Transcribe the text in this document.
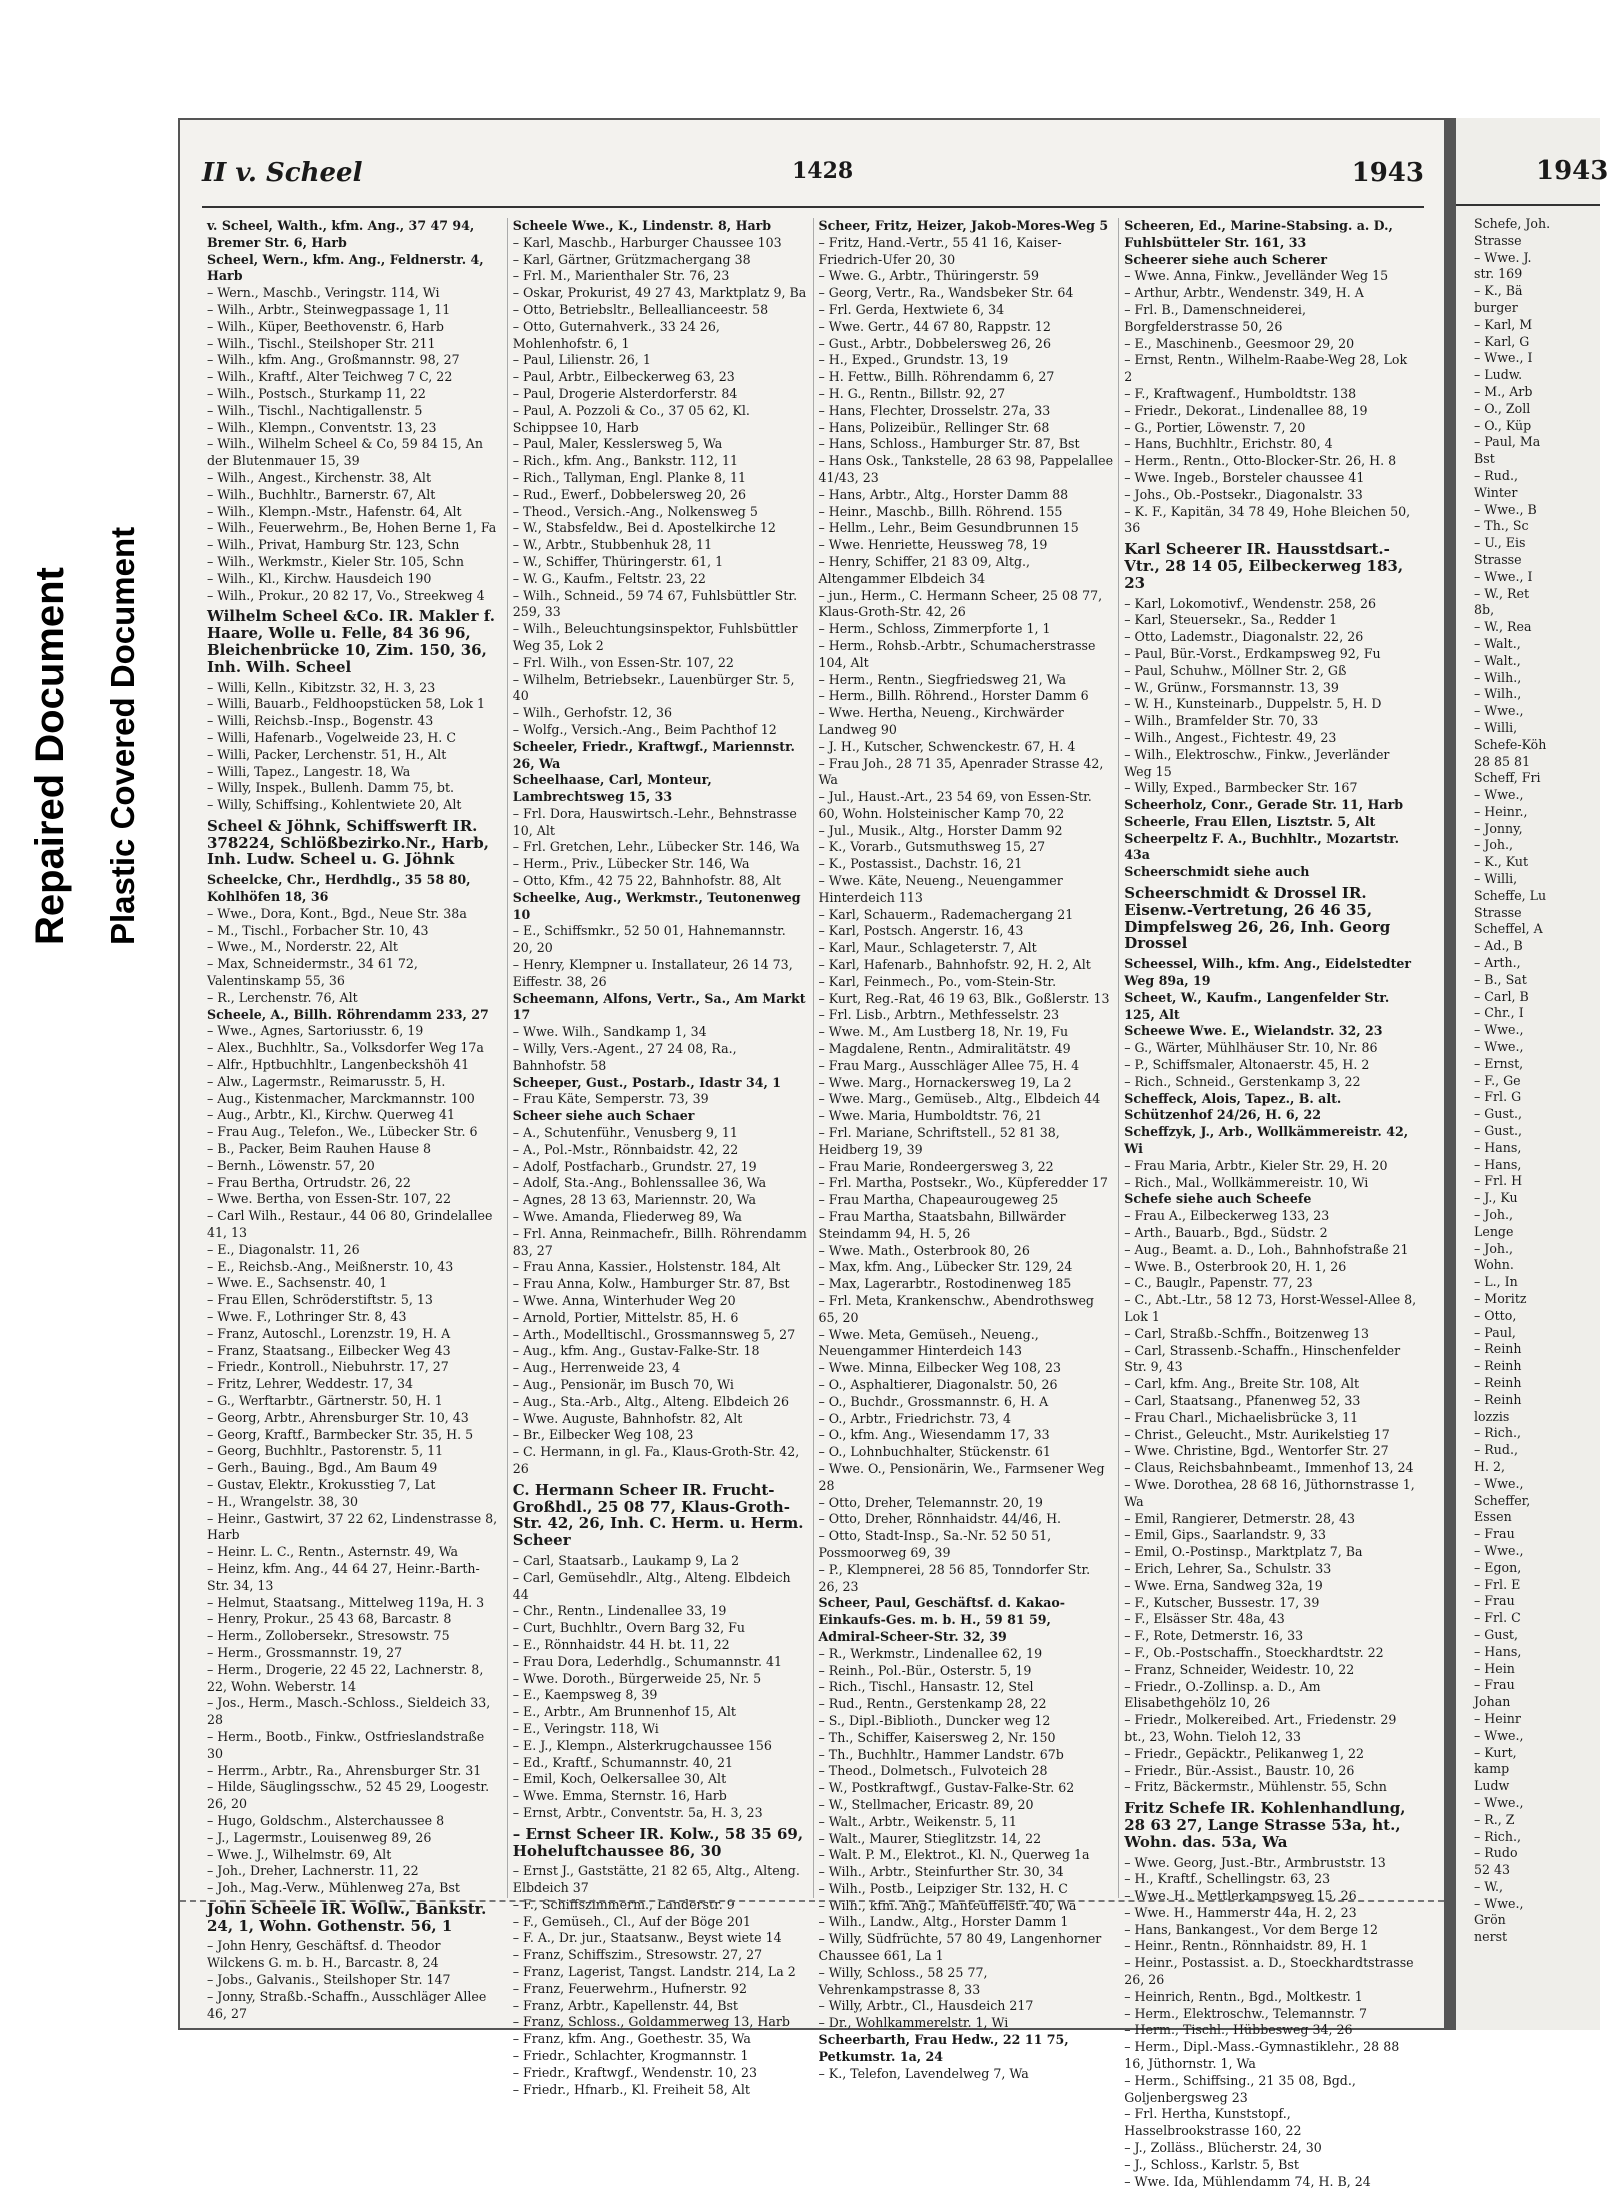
Repaired Document Plastic Covered Document
II v. Scheel	1428	1943

v. Scheel, Walth., kfm. Ang., 37 47 94, Bremer Str. 6, Harb

Scheel, Wern., kfm. Ang., Feldnerstr. 4, Harb

– Wern., Maschb., Veringstr. 114, Wi

– Wilh., Arbtr., Steinwegpassage 1, 11

– Wilh., Küper, Beethovenstr. 6, Harb

– Wilh., Tischl., Steilshoper Str. 211

– Wilh., kfm. Ang., Großmannstr. 98, 27

– Wilh., Kraftf., Alter Teichweg 7 C, 22

– Wilh., Postsch., Sturkamp 11, 22

– Wilh., Tischl., Nachtigallenstr. 5

– Wilh., Klempn., Conventstr. 13, 23

– Wilh., Wilhelm Scheel & Co, 59 84 15, An der Blutenmauer 15, 39

– Wilh., Angest., Kirchenstr. 38, Alt

– Wilh., Buchhltr., Barnerstr. 67, Alt

– Wilh., Klempn.-Mstr., Hafenstr. 64, Alt

– Wilh., Feuerwehrm., Be, Hohen Berne 1, Fa

– Wilh., Privat, Hamburg Str. 123, Schn

– Wilh., Werkmstr., Kieler Str. 105, Schn

– Wilh., Kl., Kirchw. Hausdeich 190

– Wilh., Prokur., 20 82 17, Vo., Streekweg 4

Wilhelm Scheel &Co. IR. Makler f. Haare, Wolle u. Felle, 84 36 96, Bleichenbrücke 10, Zim. 150, 36, Inh. Wilh. Scheel

– Willi, Kelln., Kibitzstr. 32, H. 3, 23

– Willi, Bauarb., Feldhoopstücken 58, Lok 1

– Willi, Reichsb.-Insp., Bogenstr. 43

– Willi, Hafenarb., Vogelweide 23, H. C

– Willi, Packer, Lerchenstr. 51, H., Alt

– Willi, Tapez., Langestr. 18, Wa

– Willy, Inspek., Bullenh. Damm 75, bt.

– Willy, Schiffsing., Kohlentwiete 20, Alt

Scheel & Jöhnk, Schiffswerft IR. 378224, Schlößbezirko.Nr., Harb, Inh. Ludw. Scheel u. G. Jöhnk

Scheelcke, Chr., Herdhdlg., 35 58 80, Kohlhöfen 18, 36

– Wwe., Dora, Kont., Bgd., Neue Str. 38a

– M., Tischl., Forbacher Str. 10, 43

– Wwe., M., Norderstr. 22, Alt

– Max, Schneidermstr., 34 61 72, Valentinskamp 55, 36

– R., Lerchenstr. 76, Alt

Scheele, A., Billh. Röhrendamm 233, 27

– Wwe., Agnes, Sartoriusstr. 6, 19

– Alex., Buchhltr., Sa., Volksdorfer Weg 17a

– Alfr., Hptbuchhltr., Langenbeckshöh 41

– Alw., Lagermstr., Reimarusstr. 5, H.

– Aug., Kistenmacher, Marckmannstr. 100

– Aug., Arbtr., Kl., Kirchw. Querweg 41

– Frau Aug., Telefon., We., Lübecker Str. 6

– B., Packer, Beim Rauhen Hause 8

– Bernh., Löwenstr. 57, 20

– Frau Bertha, Ortrudstr. 26, 22

– Wwe. Bertha, von Essen-Str. 107, 22

– Carl Wilh., Restaur., 44 06 80, Grindelallee 41, 13

– E., Diagonalstr. 11, 26

– E., Reichsb.-Ang., Meißnerstr. 10, 43

– Wwe. E., Sachsenstr. 40, 1

– Frau Ellen, Schröderstiftstr. 5, 13

– Wwe. F., Lothringer Str. 8, 43

– Franz, Autoschl., Lorenzstr. 19, H. A

– Franz, Staatsang., Eilbecker Weg 43

– Friedr., Kontroll., Niebuhrstr. 17, 27

– Fritz, Lehrer, Weddestr. 17, 34

– G., Werftarbtr., Gärtnerstr. 50, H. 1

– Georg, Arbtr., Ahrensburger Str. 10, 43

– Georg, Kraftf., Barmbecker Str. 35, H. 5

– Georg, Buchhltr., Pastorenstr. 5, 11

– Gerh., Bauing., Bgd., Am Baum 49

– Gustav, Elektr., Krokusstieg 7, Lat

– H., Wrangelstr. 38, 30

– Heinr., Gastwirt, 37 22 62, Lindenstrasse 8, Harb

– Heinr. L. C., Rentn., Asternstr. 49, Wa

– Heinz, kfm. Ang., 44 64 27, Heinr.-Barth-Str. 34, 13

– Helmut, Staatsang., Mittelweg 119a, H. 3

– Henry, Prokur., 25 43 68, Barcastr. 8

– Herm., Zollobersekr., Stresowstr. 75

– Herm., Grossmannstr. 19, 27

– Herm., Drogerie, 22 45 22, Lachnerstr. 8, 22, Wohn. Weberstr. 14

– Jos., Herm., Masch.-Schloss., Sieldeich 33, 28

– Herm., Bootb., Finkw., Ostfrieslandstraße 30

– Herrm., Arbtr., Ra., Ahrensburger Str. 31

– Hilde, Säuglingsschw., 52 45 29, Loogestr. 26, 20

– Hugo, Goldschm., Alsterchaussee 8

– J., Lagermstr., Louisenweg 89, 26

– Wwe. J., Wilhelmstr. 69, Alt

– Joh., Dreher, Lachnerstr. 11, 22

– Joh., Mag.-Verw., Mühlenweg 27a, Bst

John Scheele IR. Wollw., Bankstr. 24, 1, Wohn. Gothenstr. 56, 1

– John Henry, Geschäftsf. d. Theodor Wilckens G. m. b. H., Barcastr. 8, 24

– Jobs., Galvanis., Steilshoper Str. 147

– Jonny, Straßb.-Schaffn., Ausschläger Allee 46, 27

Scheele Wwe., K., Lindenstr. 8, Harb

– Karl, Maschb., Harburger Chaussee 103

– Karl, Gärtner, Grützmachergang 38

– Frl. M., Marienthaler Str. 76, 23

– Oskar, Prokurist, 49 27 43, Marktplatz 9, Ba

– Otto, Betriebsltr., Belleallianceestr. 58

– Otto, Guternahverk., 33 24 26, Mohlenhofstr. 6, 1

– Paul, Lilienstr. 26, 1

– Paul, Arbtr., Eilbeckerweg 63, 23

– Paul, Drogerie Alsterdorferstr. 84

– Paul, A. Pozzoli & Co., 37 05 62, Kl. Schippsee 10, Harb

– Paul, Maler, Kesslersweg 5, Wa

– Rich., kfm. Ang., Bankstr. 112, 11

– Rich., Tallyman, Engl. Planke 8, 11

– Rud., Ewerf., Dobbelersweg 20, 26

– Theod., Versich.-Ang., Nolkensweg 5

– W., Stabsfeldw., Bei d. Apostelkirche 12

– W., Arbtr., Stubbenhuk 28, 11

– W., Schiffer, Thüringerstr. 61, 1

– W. G., Kaufm., Feltstr. 23, 22

– Wilh., Schneid., 59 74 67, Fuhlsbüttler Str. 259, 33

– Wilh., Beleuchtungsinspektor, Fuhlsbüttler Weg 35, Lok 2

– Frl. Wilh., von Essen-Str. 107, 22

– Wilhelm, Betriebsekr., Lauenbürger Str. 5, 40

– Wilh., Gerhofstr. 12, 36

– Wolfg., Versich.-Ang., Beim Pachthof 12

Scheeler, Friedr., Kraftwgf., Mariennstr. 26, Wa

Scheelhaase, Carl, Monteur, Lambrechtsweg 15, 33

– Frl. Dora, Hauswirtsch.-Lehr., Behnstrasse 10, Alt

– Frl. Gretchen, Lehr., Lübecker Str. 146, Wa

– Herm., Priv., Lübecker Str. 146, Wa

– Otto, Kfm., 42 75 22, Bahnhofstr. 88, Alt

Scheelke, Aug., Werkmstr., Teutonenweg 10

– E., Schiffsmkr., 52 50 01, Hahnemannstr. 20, 20

– Henry, Klempner u. Installateur, 26 14 73, Eiffestr. 38, 26

Scheemann, Alfons, Vertr., Sa., Am Markt 17

– Wwe. Wilh., Sandkamp 1, 34

– Willy, Vers.-Agent., 27 24 08, Ra., Bahnhofstr. 58

Scheeper, Gust., Postarb., Idastr 34, 1

– Frau Käte, Semperstr. 73, 39

Scheer siehe auch Schaer

– A., Schutenführ., Venusberg 9, 11

– A., Pol.-Mstr., Rönnbaidstr. 42, 22

– Adolf, Postfacharb., Grundstr. 27, 19

– Adolf, Sta.-Ang., Bohlenssallee 36, Wa

– Agnes, 28 13 63, Mariennstr. 20, Wa

– Wwe. Amanda, Fliederweg 89, Wa

– Frl. Anna, Reinmachefr., Billh. Röhrendamm 83, 27

– Frau Anna, Kassier., Holstenstr. 184, Alt

– Frau Anna, Kolw., Hamburger Str. 87, Bst

– Wwe. Anna, Winterhuder Weg 20

– Arnold, Portier, Mittelstr. 85, H. 6

– Arth., Modelltischl., Grossmannsweg 5, 27

– Aug., kfm. Ang., Gustav-Falke-Str. 18

– Aug., Herrenweide 23, 4

– Aug., Pensionär, im Busch 70, Wi

– Aug., Sta.-Arb., Altg., Alteng. Elbdeich 26

– Wwe. Auguste, Bahnhofstr. 82, Alt

– Br., Eilbecker Weg 108, 23

– C. Hermann, in gl. Fa., Klaus-Groth-Str. 42, 26

C. Hermann Scheer IR. Frucht-Großhdl., 25 08 77, Klaus-Groth-Str. 42, 26, Inh. C. Herm. u. Herm. Scheer

– Carl, Staatsarb., Laukamp 9, La 2

– Carl, Gemüsehdlr., Altg., Alteng. Elbdeich 44

– Chr., Rentn., Lindenallee 33, 19

– Curt, Buchhltr., Overn Barg 32, Fu

– E., Rönnhaidstr. 44 H. bt. 11, 22

– Frau Dora, Lederhdlg., Schumannstr. 41

– Wwe. Doroth., Bürgerweide 25, Nr. 5

– E., Kaempsweg 8, 39

– E., Arbtr., Am Brunnenhof 15, Alt

– E., Veringstr. 118, Wi

– E. J., Klempn., Alsterkrugchaussee 156

– Ed., Kraftf., Schumannstr. 40, 21

– Emil, Koch, Oelkersallee 30, Alt

– Wwe. Emma, Sternstr. 16, Harb

– Ernst, Arbtr., Conventstr. 5a, H. 3, 23

– Ernst Scheer IR. Kolw., 58 35 69, Hoheluftchaussee 86, 30

– Ernst J., Gaststätte, 21 82 65, Altg., Alteng. Elbdeich 37

– F., Schiffszimmerm., Landerstr. 9

– F., Gemüseh., Cl., Auf der Böge 201

– F. A., Dr. jur., Staatsanw., Beyst wiete 14

– Franz, Schiffszim., Stresowstr. 27, 27

– Franz, Lagerist, Tangst. Landstr. 214, La 2

– Franz, Feuerwehrm., Hufnerstr. 92

– Franz, Arbtr., Kapellenstr. 44, Bst

– Franz, Schloss., Goldammerweg 13, Harb

– Franz, kfm. Ang., Goethestr. 35, Wa

– Friedr., Schlachter, Krogmannstr. 1

– Friedr., Kraftwgf., Wendenstr. 10, 23

– Friedr., Hfnarb., Kl. Freiheit 58, Alt

Scheer, Fritz, Heizer, Jakob-Mores-Weg 5

– Fritz, Hand.-Vertr., 55 41 16, Kaiser-Friedrich-Ufer 20, 30

– Wwe. G., Arbtr., Thüringerstr. 59

– Georg, Vertr., Ra., Wandsbeker Str. 64

– Frl. Gerda, Hextwiete 6, 34

– Wwe. Gertr., 44 67 80, Rappstr. 12

– Gust., Arbtr., Dobbelersweg 26, 26

– H., Exped., Grundstr. 13, 19

– H. Fettw., Billh. Röhrendamm 6, 27

– H. G., Rentn., Billstr. 92, 27

– Hans, Flechter, Drosselstr. 27a, 33

– Hans, Polizeibür., Rellinger Str. 68

– Hans, Schloss., Hamburger Str. 87, Bst

– Hans Osk., Tankstelle, 28 63 98, Pappelallee 41/43, 23

– Hans, Arbtr., Altg., Horster Damm 88

– Heinr., Maschb., Billh. Röhrend. 155

– Hellm., Lehr., Beim Gesundbrunnen 15

– Wwe. Henriette, Heussweg 78, 19

– Henry, Schiffer, 21 83 09, Altg., Altengammer Elbdeich 34

– jun., Herm., C. Hermann Scheer, 25 08 77, Klaus-Groth-Str. 42, 26

– Herm., Schloss, Zimmerpforte 1, 1

– Herm., Rohsb.-Arbtr., Schumacherstrasse 104, Alt

– Herm., Rentn., Siegfriedsweg 21, Wa

– Herm., Billh. Röhrend., Horster Damm 6

– Wwe. Hertha, Neueng., Kirchwärder Landweg 90

– J. H., Kutscher, Schwenckestr. 67, H. 4

– Frau Joh., 28 71 35, Apenrader Strasse 42, Wa

– Jul., Haust.-Art., 23 54 69, von Essen-Str. 60, Wohn. Holsteinischer Kamp 70, 22

– Jul., Musik., Altg., Horster Damm 92

– K., Vorarb., Gutsmuthsweg 15, 27

– K., Postassist., Dachstr. 16, 21

– Wwe. Käte, Neueng., Neuengammer Hinterdeich 113

– Karl, Schauerm., Rademachergang 21

– Karl, Postsch. Angerstr. 16, 43

– Karl, Maur., Schlageterstr. 7, Alt

– Karl, Hafenarb., Bahnhofstr. 92, H. 2, Alt

– Karl, Feinmech., Po., vom-Stein-Str.

– Kurt, Reg.-Rat, 46 19 63, Blk., Goßlerstr. 13

– Frl. Lisb., Arbtrn., Methfesselstr. 23

– Wwe. M., Am Lustberg 18, Nr. 19, Fu

– Magdalene, Rentn., Admiralitätstr. 49

– Frau Marg., Ausschläger Allee 75, H. 4

– Wwe. Marg., Hornackersweg 19, La 2

– Wwe. Marg., Gemüseb., Altg., Elbdeich 44

– Wwe. Maria, Humboldtstr. 76, 21

– Frl. Mariane, Schriftstell., 52 81 38, Heidberg 19, 39

– Frau Marie, Rondeergersweg 3, 22

– Frl. Martha, Postsekr., Wo., Küpferedder 17

– Frau Martha, Chapeaurougeweg 25

– Frau Martha, Staatsbahn, Billwärder Steindamm 94, H. 5, 26

– Wwe. Math., Osterbrook 80, 26

– Max, kfm. Ang., Lübecker Str. 129, 24

– Max, Lagerarbtr., Rostodinenweg 185

– Frl. Meta, Krankenschw., Abendrothsweg 65, 20

– Wwe. Meta, Gemüseh., Neueng., Neuengammer Hinterdeich 143

– Wwe. Minna, Eilbecker Weg 108, 23

– O., Asphaltierer, Diagonalstr. 50, 26

– O., Buchdr., Grossmannstr. 6, H. A

– O., Arbtr., Friedrichstr. 73, 4

– O., kfm. Ang., Wiesendamm 17, 33

– O., Lohnbuchhalter, Stückenstr. 61

– Wwe. O., Pensionärin, We., Farmsener Weg 28

– Otto, Dreher, Telemannstr. 20, 19

– Otto, Dreher, Rönnhaidstr. 44/46, H.

– Otto, Stadt-Insp., Sa.-Nr. 52 50 51, Possmoorweg 69, 39

– P., Klempnerei, 28 56 85, Tonndorfer Str. 26, 23

Scheer, Paul, Geschäftsf. d. Kakao-Einkaufs-Ges. m. b. H., 59 81 59, Admiral-Scheer-Str. 32, 39

– R., Werkmstr., Lindenallee 62, 19

– Reinh., Pol.-Bür., Osterstr. 5, 19

– Rich., Tischl., Hansastr. 12, Stel

– Rud., Rentn., Gerstenkamp 28, 22

– S., Dipl.-Biblioth., Duncker weg 12

– Th., Schiffer, Kaisersweg 2, Nr. 150

– Th., Buchhltr., Hammer Landstr. 67b

– Theod., Dolmetsch., Fulvoteich 28

– W., Postkraftwgf., Gustav-Falke-Str. 62

– W., Stellmacher, Ericastr. 89, 20

– Walt., Arbtr., Weikenstr. 5, 11

– Walt., Maurer, Stieglitzstr. 14, 22

– Walt. P. M., Elektrot., Kl. N., Querweg 1a

– Wilh., Arbtr., Steinfurther Str. 30, 34

– Wilh., Postb., Leipziger Str. 132, H. C

– Wilh., kfm. Ang., Manteuffelstr. 40, Wa

– Wilh., Landw., Altg., Horster Damm 1

– Willy, Südfrüchte, 57 80 49, Langenhorner Chaussee 661, La 1

– Willy, Schloss., 58 25 77, Vehrenkampstrasse 8, 33

– Willy, Arbtr., Cl., Hausdeich 217

– Dr., Wohlkammerelstr. 1, Wi

Scheerbarth, Frau Hedw., 22 11 75, Petkumstr. 1a, 24

– K., Telefon, Lavendelweg 7, Wa

Scheeren, Ed., Marine-Stabsing. a. D., Fuhlsbütteler Str. 161, 33

Scheerer siehe auch Scherer

– Wwe. Anna, Finkw., Jevelländer Weg 15

– Arthur, Arbtr., Wendenstr. 349, H. A

– Frl. B., Damenschneiderei, Borgfelderstrasse 50, 26

– E., Maschinenb., Geesmoor 29, 20

– Ernst, Rentn., Wilhelm-Raabe-Weg 28, Lok 2

– F., Kraftwagenf., Humboldtstr. 138

– Friedr., Dekorat., Lindenallee 88, 19

– G., Portier, Löwenstr. 7, 20

– Hans, Buchhltr., Erichstr. 80, 4

– Herm., Rentn., Otto-Blocker-Str. 26, H. 8

– Wwe. Ingeb., Borsteler chaussee 41

– Johs., Ob.-Postsekr., Diagonalstr. 33

– K. F., Kapitän, 34 78 49, Hohe Bleichen 50, 36

Karl Scheerer IR. Hausstdsart.-Vtr., 28 14 05, Eilbeckerweg 183, 23

– Karl, Lokomotivf., Wendenstr. 258, 26

– Karl, Steuersekr., Sa., Redder 1

– Otto, Lademstr., Diagonalstr. 22, 26

– Paul, Bür.-Vorst., Erdkampsweg 92, Fu

– Paul, Schuhw., Möllner Str. 2, Gß

– W., Grünw., Forsmannstr. 13, 39

– W. H., Kunsteinarb., Duppelstr. 5, H. D

– Wilh., Bramfelder Str. 70, 33

– Wilh., Angest., Fichtestr. 49, 23

– Wilh., Elektroschw., Finkw., Jeverländer Weg 15

– Willy, Exped., Barmbecker Str. 167

Scheerholz, Conr., Gerade Str. 11, Harb

Scheerle, Frau Ellen, Lisztstr. 5, Alt

Scheerpeltz F. A., Buchhltr., Mozartstr. 43a

Scheerschmidt siehe auch

Scheerschmidt & Drossel IR. Eisenw.-Vertretung, 26 46 35, Dimpfelsweg 26, 26, Inh. Georg Drossel

Scheessel, Wilh., kfm. Ang., Eidelstedter Weg 89a, 19

Scheet, W., Kaufm., Langenfelder Str. 125, Alt

Scheewe Wwe. E., Wielandstr. 32, 23

– G., Wärter, Mühlhäuser Str. 10, Nr. 86

– P., Schiffsmaler, Altonaerstr. 45, H. 2

– Rich., Schneid., Gerstenkamp 3, 22

Scheffeck, Alois, Tapez., B. alt. Schützenhof 24/26, H. 6, 22

Scheffzyk, J., Arb., Wollkämmereistr. 42, Wi

– Frau Maria, Arbtr., Kieler Str. 29, H. 20

– Rich., Mal., Wollkämmereistr. 10, Wi

Schefe siehe auch Scheefe

– Frau A., Eilbeckerweg 133, 23

– Arth., Bauarb., Bgd., Südstr. 2

– Aug., Beamt. a. D., Loh., Bahnhofstraße 21

– Wwe. B., Osterbrook 20, H. 1, 26

– C., Bauglr., Papenstr. 77, 23

– C., Abt.-Ltr., 58 12 73, Horst-Wessel-Allee 8, Lok 1

– Carl, Straßb.-Schffn., Boitzenweg 13

– Carl, Strassenb.-Schaffn., Hinschenfelder Str. 9, 43

– Carl, kfm. Ang., Breite Str. 108, Alt

– Carl, Staatsang., Pfanenweg 52, 33

– Frau Charl., Michaelisbrücke 3, 11

– Christ., Geleucht., Mstr. Aurikelstieg 17

– Wwe. Christine, Bgd., Wentorfer Str. 27

– Claus, Reichsbahnbeamt., Immenhof 13, 24

– Wwe. Dorothea, 28 68 16, Jüthornstrasse 1, Wa

– Emil, Rangierer, Detmerstr. 28, 43

– Emil, Gips., Saarlandstr. 9, 33

– Emil, O.-Postinsp., Marktplatz 7, Ba

– Erich, Lehrer, Sa., Schulstr. 33

– Wwe. Erna, Sandweg 32a, 19

– F., Kutscher, Bussestr. 17, 39

– F., Elsässer Str. 48a, 43

– F., Rote, Detmerstr. 16, 33

– F., Ob.-Postschaffn., Stoeckhardtstr. 22

– Franz, Schneider, Weidestr. 10, 22

– Friedr., O.-Zollinsp. a. D., Am Elisabethgehölz 10, 26

– Friedr., Molkereibed. Art., Friedenstr. 29 bt., 23, Wohn. Tieloh 12, 33

– Friedr., Gepäcktr., Pelikanweg 1, 22

– Friedr., Bür.-Assist., Baustr. 10, 26

– Fritz, Bäckermstr., Mühlenstr. 55, Schn

Fritz Schefe IR. Kohlenhandlung, 28 63 27, Lange Strasse 53a, ht., Wohn. das. 53a, Wa

– Wwe. Georg, Just.-Btr., Armbruststr. 13

– H., Kraftf., Schellingstr. 63, 23

– Wwe. H., Mettlerkampsweg 15, 26

– Wwe. H., Hammerstr 44a, H. 2, 23

– Hans, Bankangest., Vor dem Berge 12

– Heinr., Rentn., Rönnhaidstr. 89, H. 1

– Heinr., Postassist. a. D., Stoeckhardtstrasse 26, 26

– Heinrich, Rentn., Bgd., Moltkestr. 1

– Herm., Elektroschw., Telemannstr. 7

– Herm., Tischl., Hübbesweg 34, 26

– Herm., Dipl.-Mass.-Gymnastiklehr., 28 88 16, Jüthornstr. 1, Wa

– Herm., Schiffsing., 21 35 08, Bgd., Goljenbergsweg 23

– Frl. Hertha, Kunststopf., Hasselbrookstrasse 160, 22

– J., Zolläss., Blücherstr. 24, 30

– J., Schloss., Karlstr. 5, Bst

– Wwe. Ida, Mühlendamm 74, H. B, 24

1943

Schefe, Joh.

Strasse

– Wwe. J.

str. 169

– K., Bä

burger

– Karl, M

– Karl, G

– Wwe., I

– Ludw.

– M., Arb

– O., Zoll

– O., Küp

– Paul, Ma

Bst

– Rud.,

Winter

– Wwe., B

– Th., Sc

– U., Eis

Strasse

– Wwe., I

– W., Ret

8b,

– W., Rea

– Walt.,

– Walt.,

– Wilh.,

– Wilh.,

– Wwe.,

– Willi,

Schefe-Köh

28 85 81

Scheff, Fri

– Wwe.,

– Heinr.,

– Jonny,

– Joh.,

– K., Kut

– Willi,

Scheffe, Lu

Strasse

Scheffel, A

– Ad., B

– Arth.,

– B., Sat

– Carl, B

– Chr., I

– Wwe.,

– Wwe.,

– Ernst,

– F., Ge

– Frl. G

– Gust.,

– Gust.,

– Hans,

– Hans,

– Frl. H

– J., Ku

– Joh.,

Lenge

– Joh.,

Wohn.

– L., In

– Moritz

– Otto,

– Paul,

– Reinh

– Reinh

– Reinh

– Reinh

lozzis

– Rich.,

– Rud.,

H. 2,

– Wwe.,

Scheffer,

Essen

– Frau

– Wwe.,

– Egon,

– Frl. E

– Frau

– Frl. C

– Gust,

– Hans,

– Hein

– Frau

Johan

– Heinr

– Wwe.,

– Kurt,

kamp

Ludw

– Wwe.,

– R., Z

– Rich.,

– Rudo

52 43

– W.,

– Wwe.,

Grön

nerst
